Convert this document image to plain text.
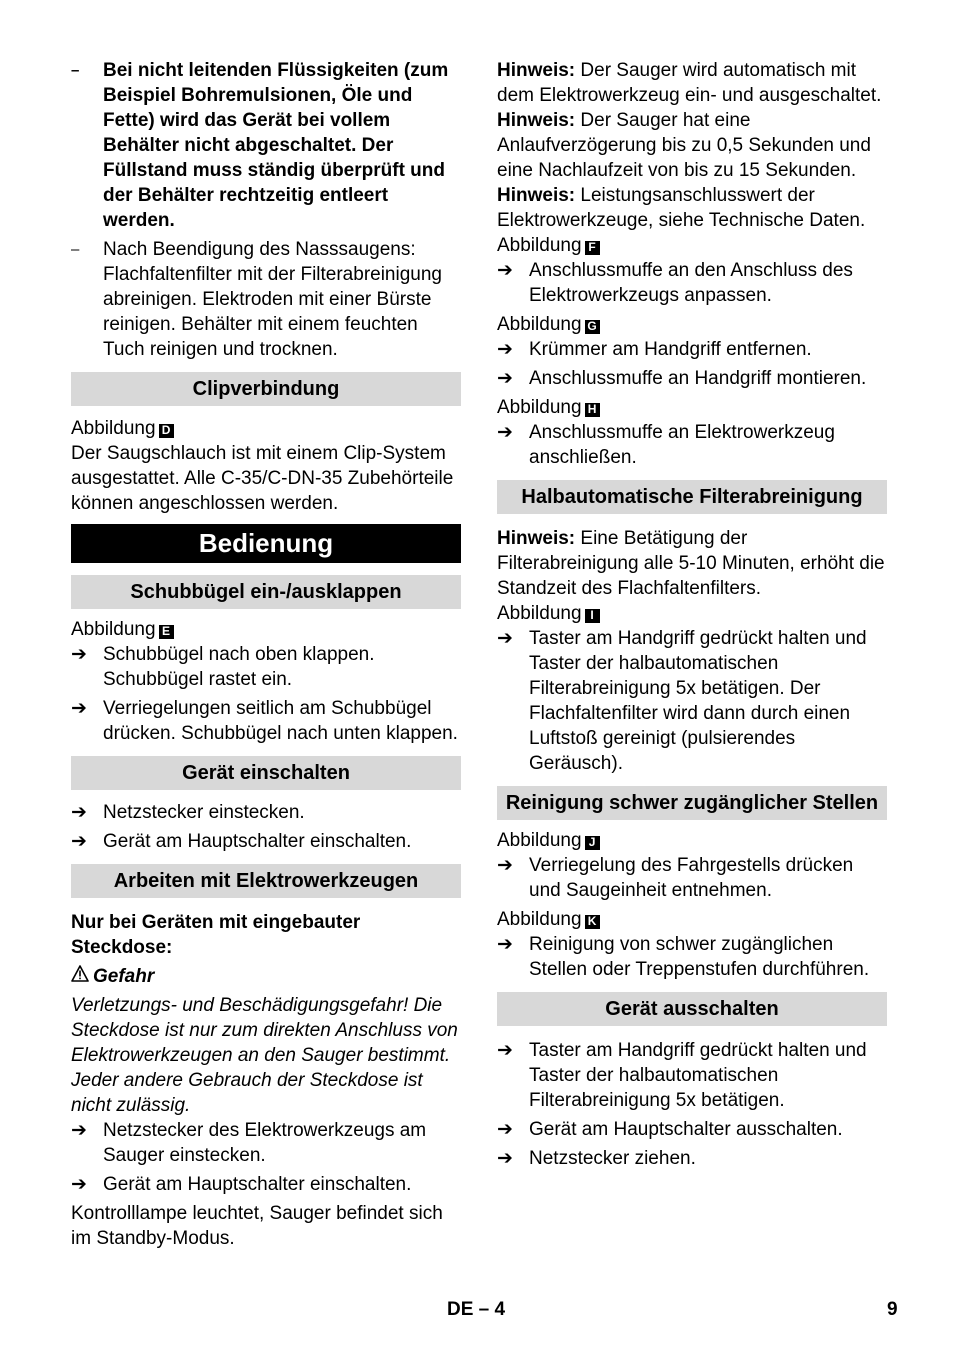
– Bei nicht leitenden Flüssigkeiten (zum Beispiel Bohremulsionen, Öle und Fette) wird das Gerät bei vollem Behälter nicht abgeschaltet. Der Füllstand muss ständig überprüft und der Behälter rechtzeitig entleert werden.

– Nach Beendigung des Nasssaugens: Flachfaltenfilter mit der Filterabreinigung abreinigen. Elektroden mit einer Bürste reinigen. Behälter mit einem feuchten Tuch reinigen und trocknen.

Clipverbindung

Abbildung D

Der Saugschlauch ist mit einem Clip-System ausgestattet. Alle C-35/C-DN-35 Zubehörteile können angeschlossen werden.

Bedienung
Schubbügel ein-/ausklappen

Abbildung E

➔ Schubbügel nach oben klappen. Schubbügel rastet ein.

➔ Verriegelungen seitlich am Schubbügel drücken. Schubbügel nach unten klappen.

Gerät einschalten
➔ Netzstecker einstecken.

➔ Gerät am Hauptschalter einschalten.

Arbeiten mit Elektrowerkzeugen

Nur bei Geräten mit eingebauter Steckdose:

Gefahr

Verletzungs- und Beschädigungsgefahr! Die Steckdose ist nur zum direkten Anschluss von Elektrowerkzeugen an den Sauger bestimmt. Jeder andere Gebrauch der Steckdose ist nicht zulässig.

➔ Netzstecker des Elektrowerkzeugs am Sauger einstecken.

➔ Gerät am Hauptschalter einschalten.

Kontrolllampe leuchtet, Sauger befindet sich im Standby-Modus.

Hinweis: Der Sauger wird automatisch mit dem Elektrowerkzeug ein- und ausgeschaltet.

Hinweis: Der Sauger hat eine Anlaufverzögerung bis zu 0,5 Sekunden und eine Nachlaufzeit von bis zu 15 Sekunden.

Hinweis: Leistungsanschlusswert der Elektrowerkzeuge, siehe Technische Daten.

Abbildung F

➔ Anschlussmuffe an den Anschluss des Elektrowerkzeugs anpassen.

Abbildung G

➔ Krümmer am Handgriff entfernen.

➔ Anschlussmuffe an Handgriff montieren.

Abbildung H

➔ Anschlussmuffe an Elektrowerkzeug anschließen.

Halbautomatische Filterabreinigung

Hinweis: Eine Betätigung der Filterabreinigung alle 5-10 Minuten, erhöht die Standzeit des Flachfaltenfilters.

Abbildung I

➔ Taster am Handgriff gedrückt halten und Taster der halbautomatischen Filterabreinigung 5x betätigen. Der Flachfaltenfilter wird dann durch einen Luftstoß gereinigt (pulsierendes Geräusch).

Reinigung schwer zugänglicher Stellen

Abbildung J

➔ Verriegelung des Fahrgestells drücken und Saugeinheit entnehmen.

Abbildung K

➔ Reinigung von schwer zugänglichen Stellen oder Treppenstufen durchführen.

Gerät ausschalten
➔ Taster am Handgriff gedrückt halten und Taster der halbautomatischen Filterabreinigung 5x betätigen.

➔ Gerät am Hauptschalter ausschalten.

➔ Netzstecker ziehen.

DE – 4	9
